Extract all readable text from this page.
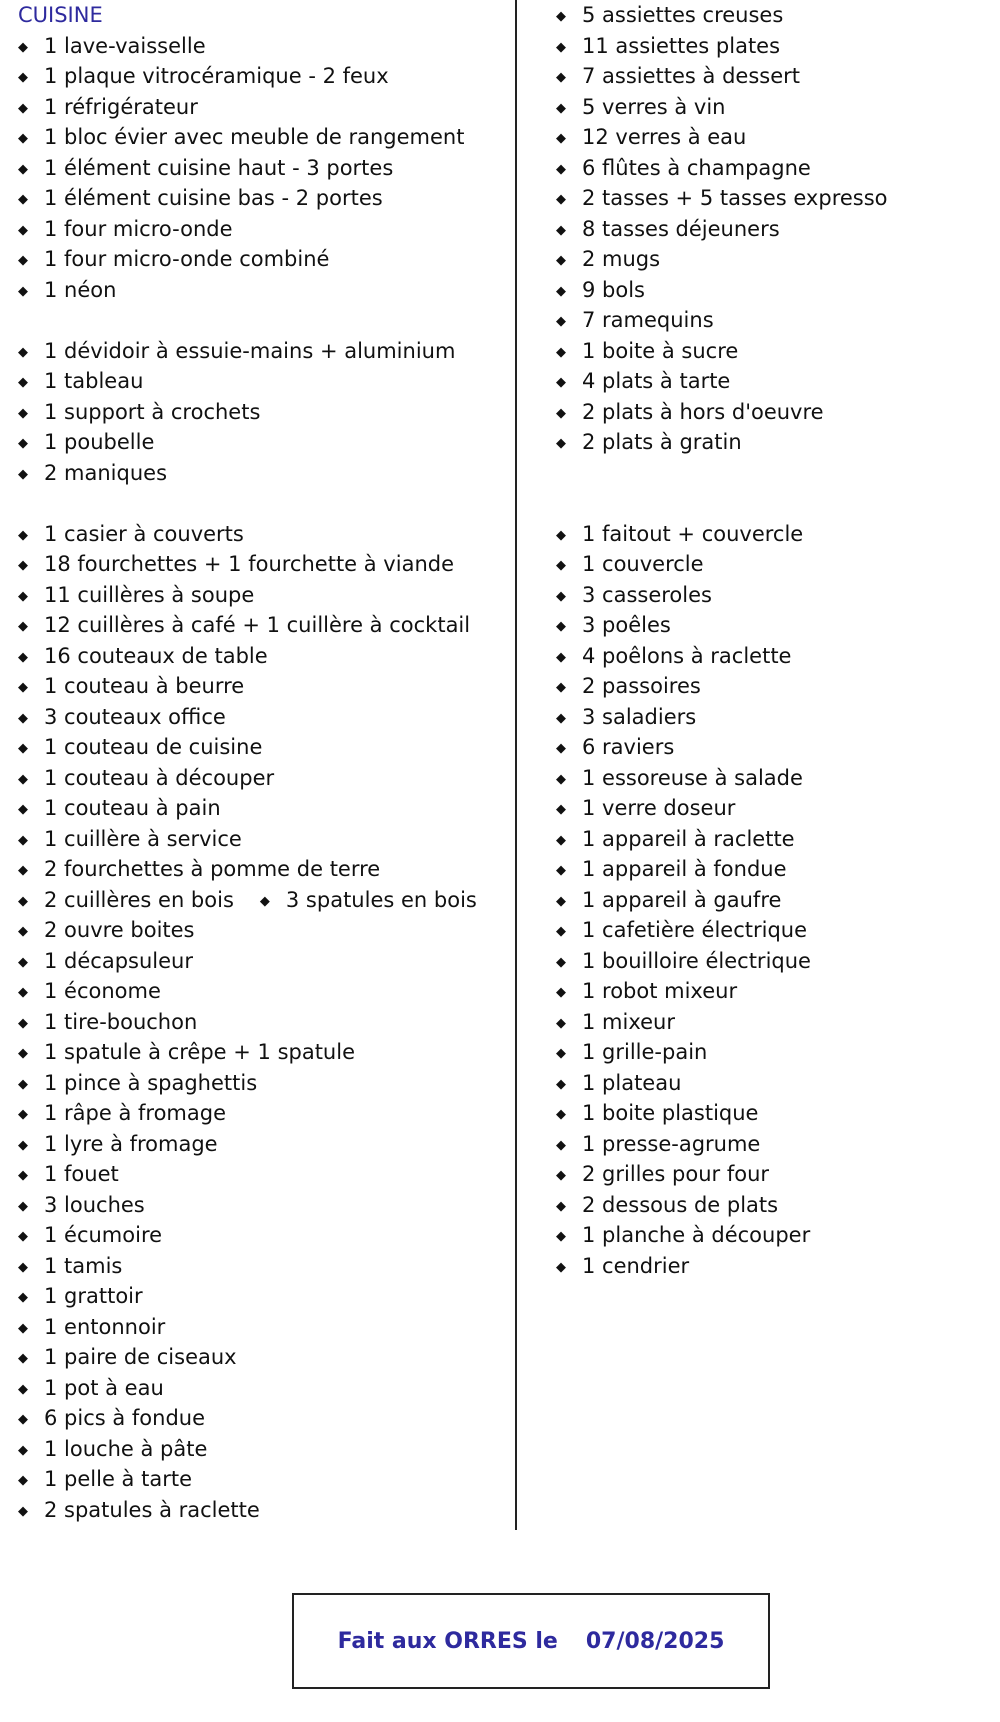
CUISINE
◆ 1 lave-vaisselle
◆ 1 plaque vitrocéramique - 2 feux
◆ 1 réfrigérateur
◆ 1 bloc évier avec meuble de rangement
◆ 1 élément cuisine haut - 3 portes
◆ 1 élément cuisine bas - 2 portes
◆ 1 four micro-onde
◆ 1 four micro-onde combiné
◆ 1 néon
◆ 1 dévidoir à essuie-mains + aluminium
◆ 1 tableau
◆ 1 support à crochets
◆ 1 poubelle
◆ 2 maniques
◆ 1 casier à couverts
◆ 18 fourchettes + 1 fourchette à viande
◆ 11 cuillères à soupe
◆ 12 cuillères à café + 1 cuillère à cocktail
◆ 16 couteaux de table
◆ 1 couteau à beurre
◆ 3 couteaux office
◆ 1 couteau de cuisine
◆ 1 couteau à découper
◆ 1 couteau à pain
◆ 1 cuillère à service
◆ 2 fourchettes à pomme de terre
◆ 2 cuillères en bois ◆ 3 spatules en bois
◆ 2 ouvre boites
◆ 1 décapsuleur
◆ 1 économe
◆ 1 tire-bouchon
◆ 1 spatule à crêpe + 1 spatule
◆ 1 pince à spaghettis
◆ 1 râpe à fromage
◆ 1 lyre à fromage
◆ 1 fouet
◆ 3 louches
◆ 1 écumoire
◆ 1 tamis
◆ 1 grattoir
◆ 1 entonnoir
◆ 1 paire de ciseaux
◆ 1 pot à eau
◆ 6 pics à fondue
◆ 1 louche à pâte
◆ 1 pelle à tarte
◆ 2 spatules à raclette
◆ 5 assiettes creuses
◆ 11 assiettes plates
◆ 7 assiettes à dessert
◆ 5 verres à vin
◆ 12 verres à eau
◆ 6 flûtes à champagne
◆ 2 tasses + 5 tasses expresso
◆ 8 tasses déjeuners
◆ 2 mugs
◆ 9 bols
◆ 7 ramequins
◆ 1 boite à sucre
◆ 4 plats à tarte
◆ 2 plats à hors d'oeuvre
◆ 2 plats à gratin
◆ 1 faitout + couvercle
◆ 1 couvercle
◆ 3 casseroles
◆ 3 poêles
◆ 4 poêlons à raclette
◆ 2 passoires
◆ 3 saladiers
◆ 6 raviers
◆ 1 essoreuse à salade
◆ 1 verre doseur
◆ 1 appareil à raclette
◆ 1 appareil à fondue
◆ 1 appareil à gaufre
◆ 1 cafetière électrique
◆ 1 bouilloire électrique
◆ 1 robot mixeur
◆ 1 mixeur
◆ 1 grille-pain
◆ 1 plateau
◆ 1 boite plastique
◆ 1 presse-agrume
◆ 2 grilles pour four
◆ 2 dessous de plats
◆ 1 planche à découper
◆ 1 cendrier
Fait aux ORRES le 07/08/2025
